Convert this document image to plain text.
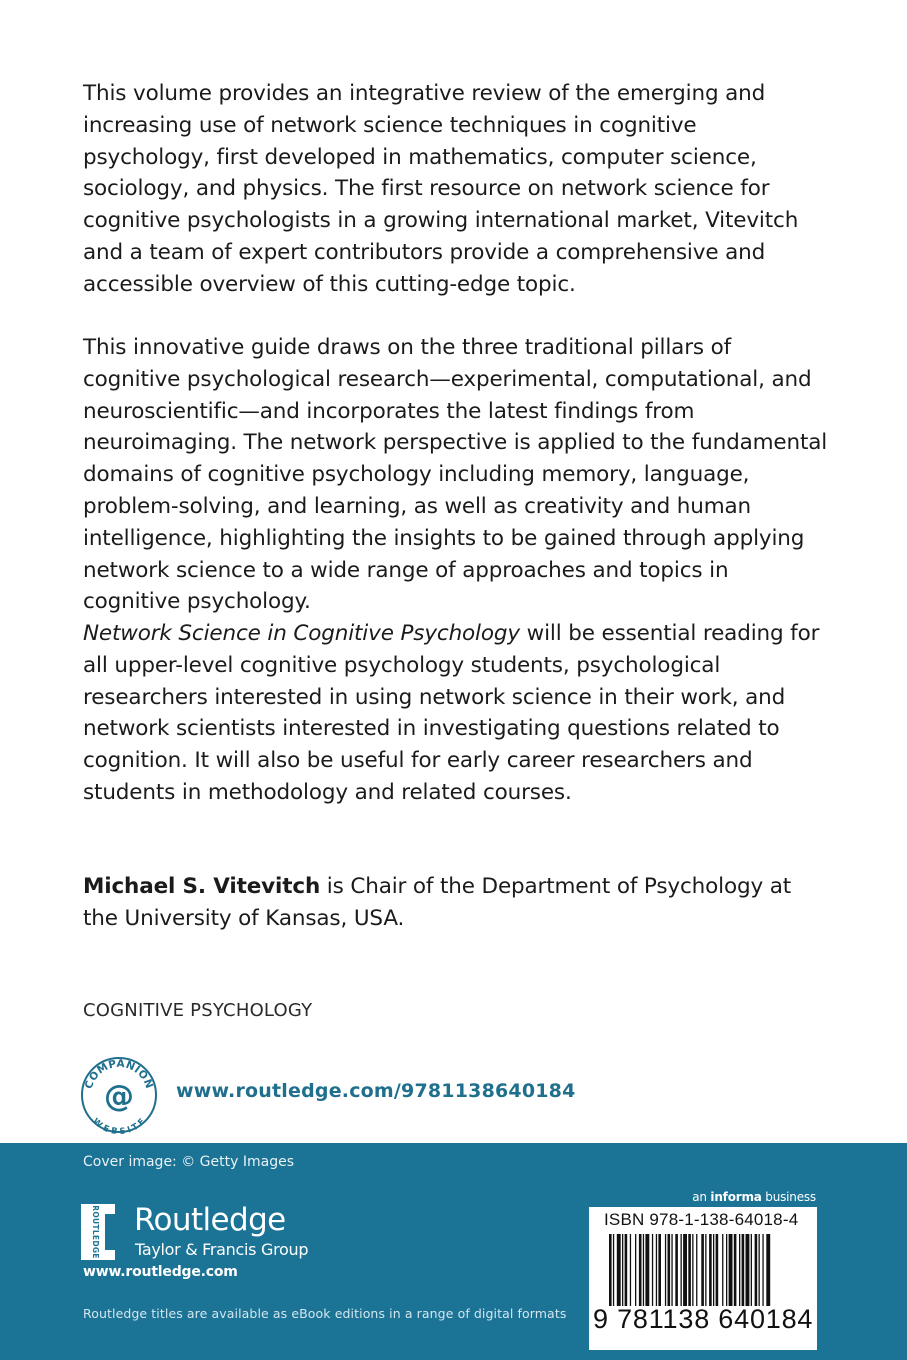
This volume provides an integrative review of the emerging and increasing use of network science techniques in cognitive psychology, first developed in mathematics, computer science, sociology, and physics. The first resource on network science for cognitive psychologists in a growing international market, Vitevitch and a team of expert contributors provide a comprehensive and accessible overview of this cutting-edge topic.

This innovative guide draws on the three traditional pillars of cognitive psychological research—experimental, computational, and neuroscientific—and incorporates the latest findings from neuroimaging. The network perspective is applied to the fundamental domains of cognitive psychology including memory, language, problem-solving, and learning, as well as creativity and human intelligence, highlighting the insights to be gained through applying network science to a wide range of approaches and topics in cognitive psychology.

Network Science in Cognitive Psychology will be essential reading for all upper-level cognitive psychology students, psychological researchers interested in using network science in their work, and network scientists interested in investigating questions related to cognition. It will also be useful for early career researchers and students in methodology and related courses.

Michael S. Vitevitch is Chair of the Department of Psychology at the University of Kansas, USA.

COGNITIVE PSYCHOLOGY
COMPANION
WEBSITE
@ www.routledge.com/9781138640184
Cover image: © Getty Images
an informa business
ROUTLEDGE Routledge
Taylor & Francis Group
www.routledge.com
Routledge titles are available as eBook editions in a range of digital formats
ISBN 978-1-138-64018-4
9 781138 640184
